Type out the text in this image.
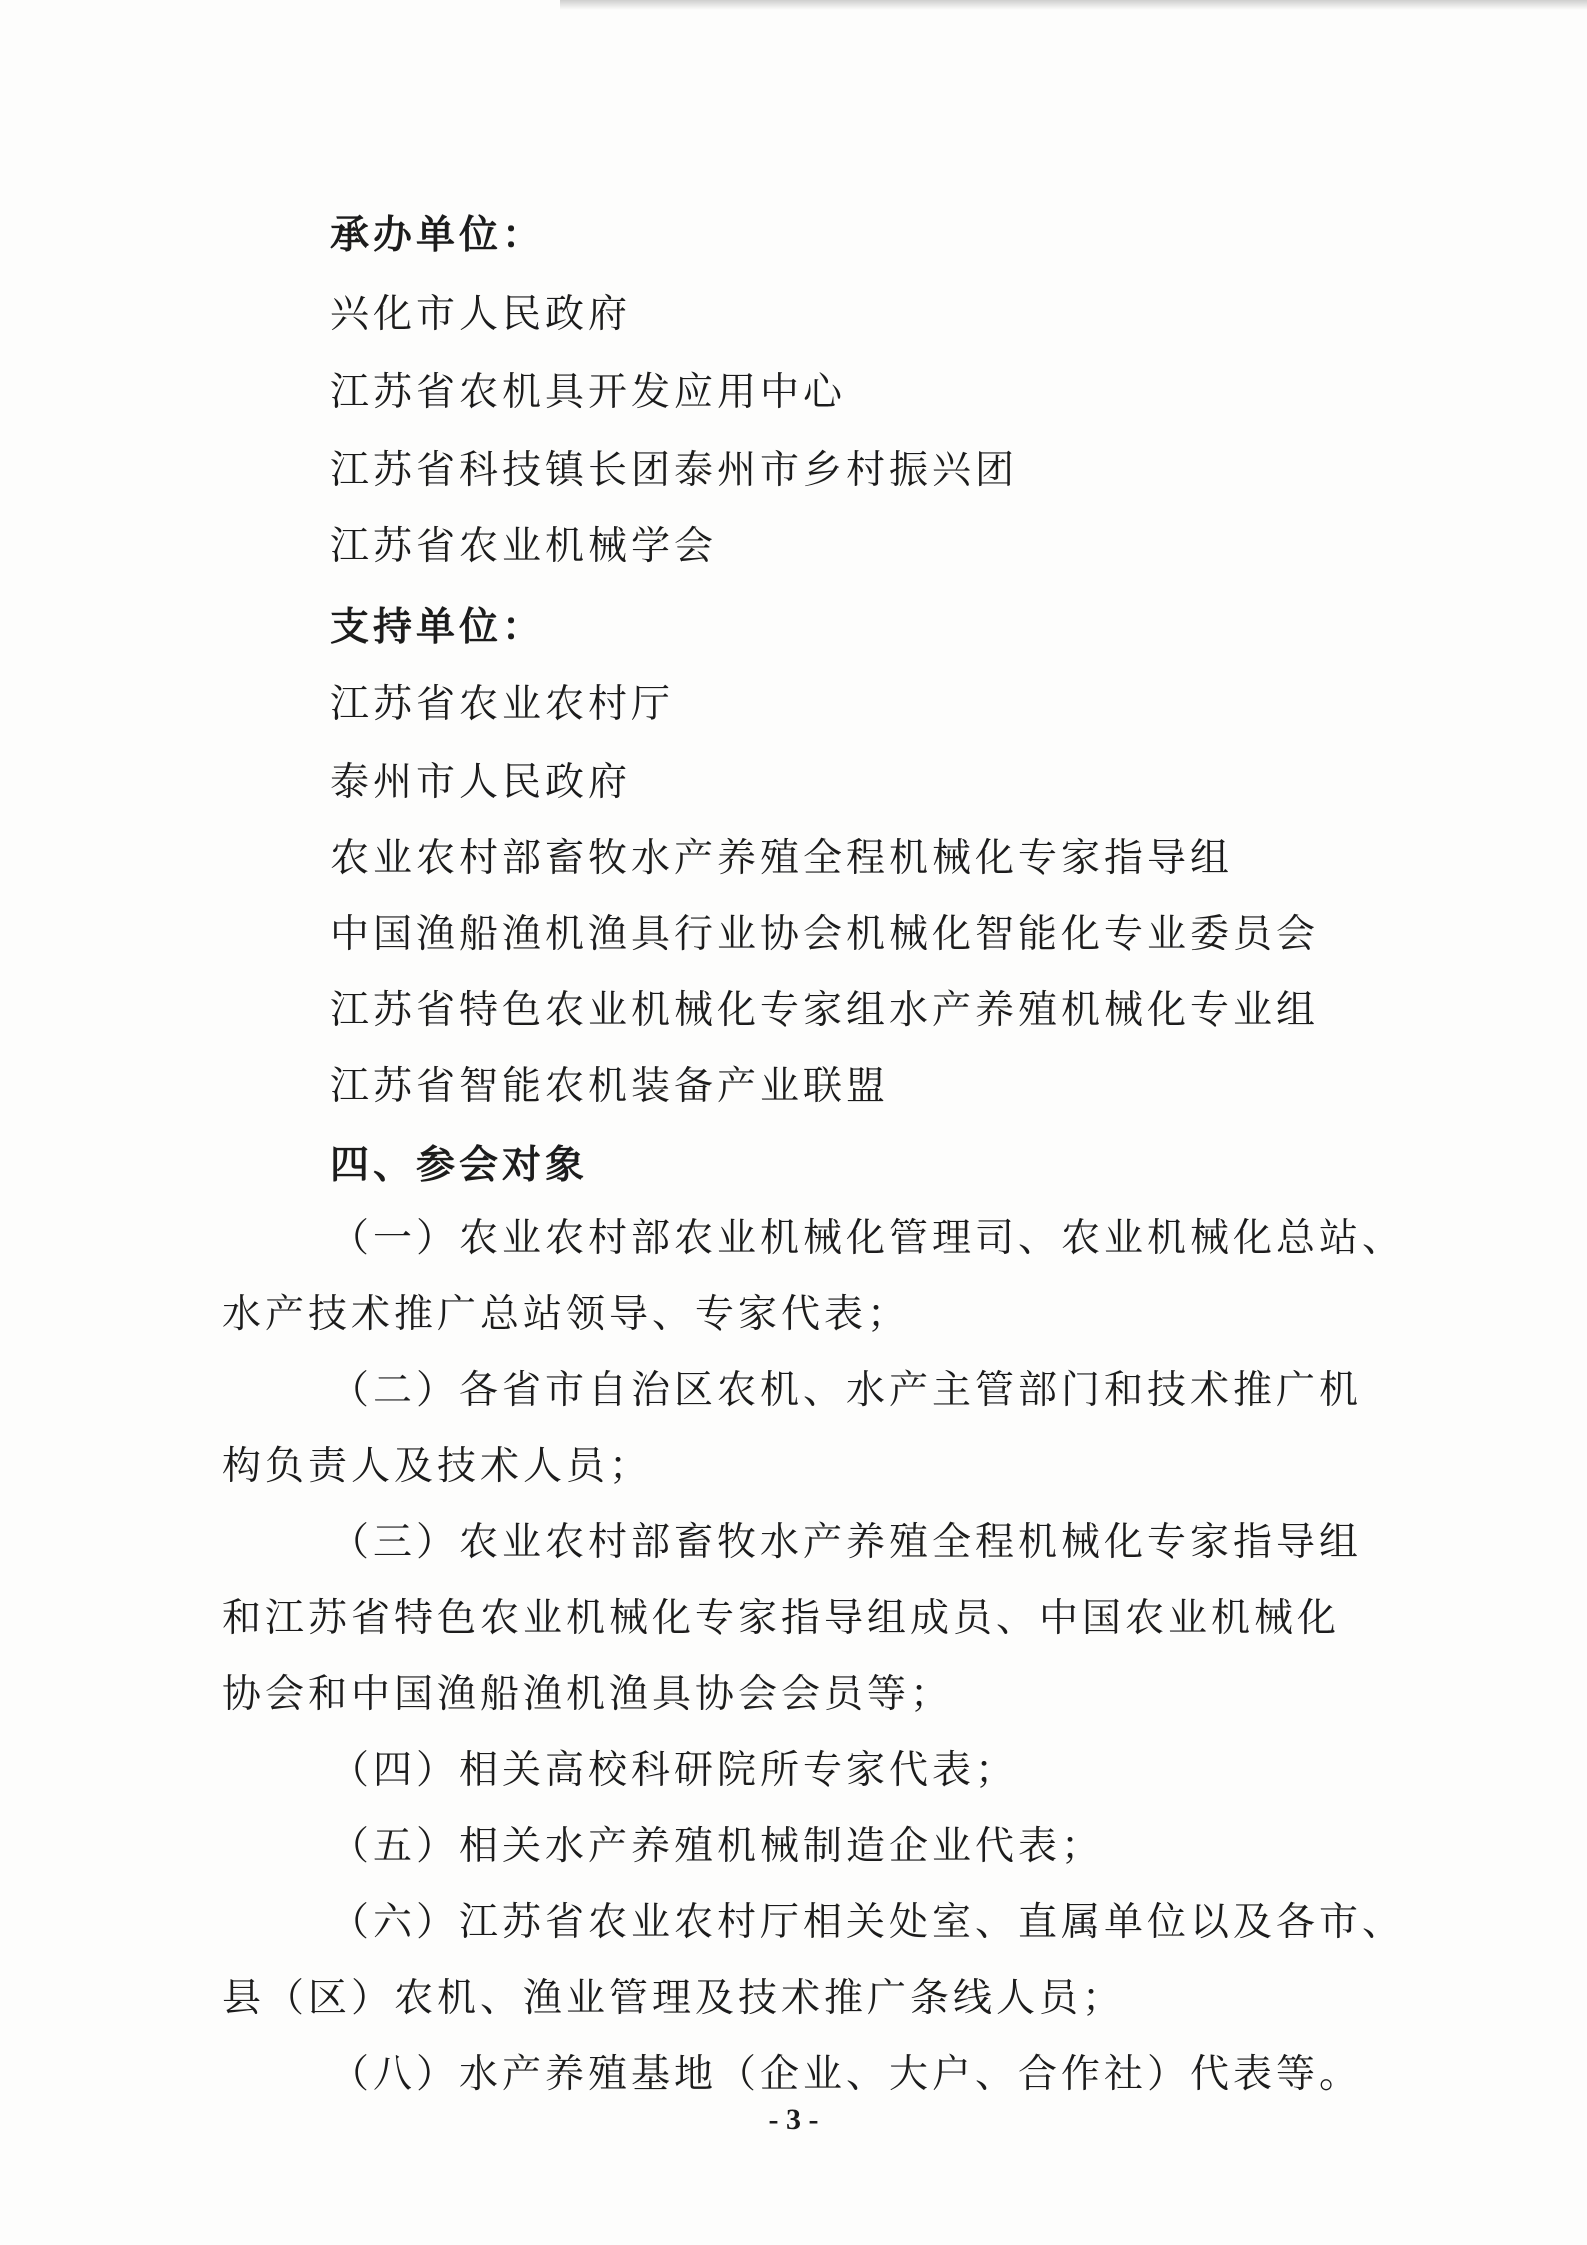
承办单位：
兴化市人民政府
江苏省农机具开发应用中心
江苏省科技镇长团泰州市乡村振兴团
江苏省农业机械学会
支持单位：
江苏省农业农村厅
泰州市人民政府
农业农村部畜牧水产养殖全程机械化专家指导组
中国渔船渔机渔具行业协会机械化智能化专业委员会
江苏省特色农业机械化专家组水产养殖机械化专业组
江苏省智能农机装备产业联盟
四、参会对象
（一）农业农村部农业机械化管理司、农业机械化总站、
水产技术推广总站领导、专家代表；
（二）各省市自治区农机、水产主管部门和技术推广机
构负责人及技术人员；
（三）农业农村部畜牧水产养殖全程机械化专家指导组
和江苏省特色农业机械化专家指导组成员、中国农业机械化
协会和中国渔船渔机渔具协会会员等；
（四）相关高校科研院所专家代表；
（五）相关水产养殖机械制造企业代表；
（六）江苏省农业农村厅相关处室、直属单位以及各市、
县（区）农机、渔业管理及技术推广条线人员；
（八）水产养殖基地（企业、大户、合作社）代表等。
- 3 -
